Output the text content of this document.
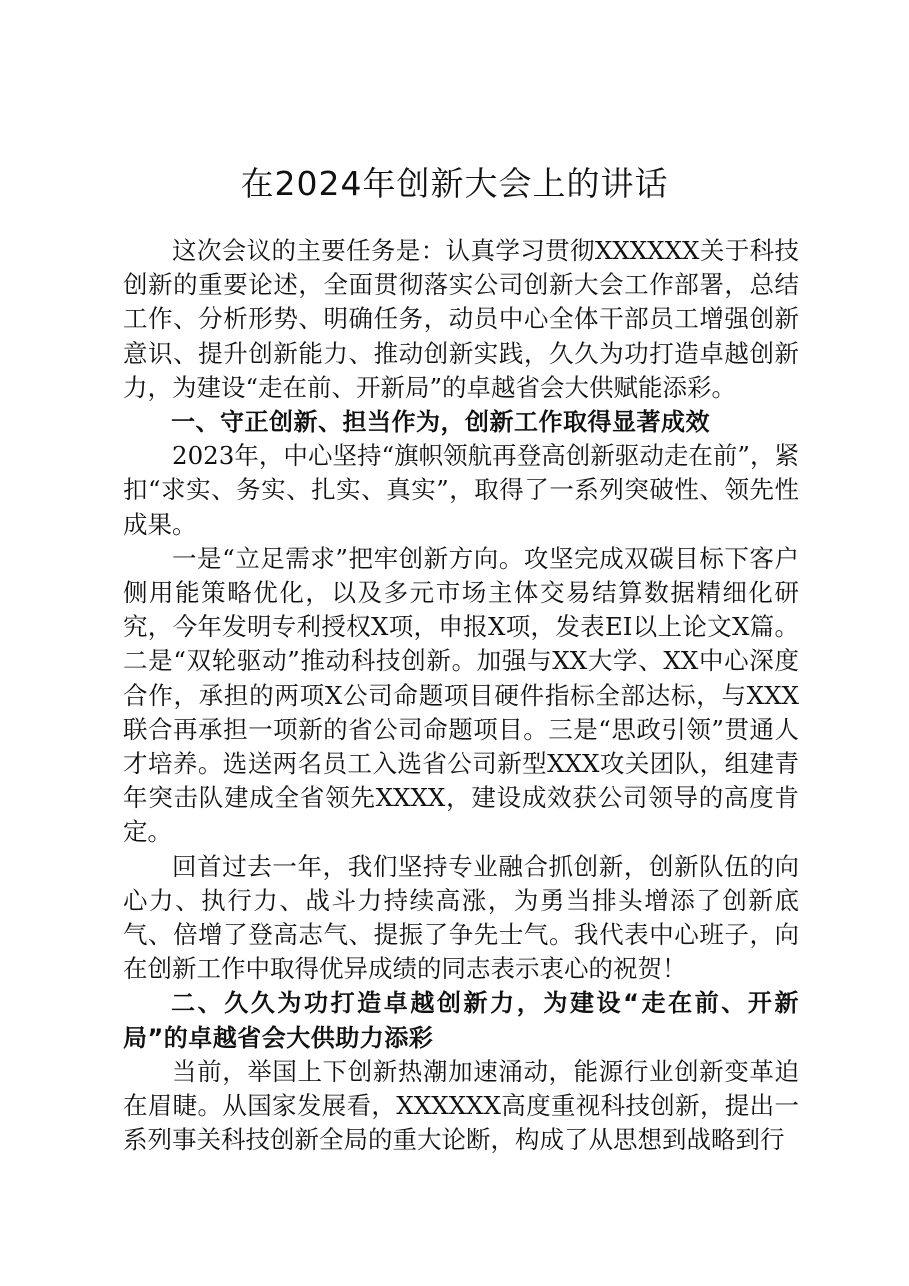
在2024年创新大会上的讲话

这次会议的主要任务是：认真学习贯彻XXXXXX关于科技创新的重要论述，全面贯彻落实公司创新大会工作部署，总结工作、分析形势、明确任务，动员中心全体干部员工增强创新意识、提升创新能力、推动创新实践，久久为功打造卓越创新力，为建设“走在前、开新局”的卓越省会大供赋能添彩。

一、守正创新、担当作为，创新工作取得显著成效

2023年，中心坚持“旗帜领航再登高创新驱动走在前”，紧扣“求实、务实、扎实、真实”，取得了一系列突破性、领先性成果。

一是“立足需求”把牢创新方向。攻坚完成双碳目标下客户侧用能策略优化，以及多元市场主体交易结算数据精细化研究，今年发明专利授权X项，申报X项，发表EI以上论文X篇。二是“双轮驱动”推动科技创新。加强与XX大学、XX中心深度合作，承担的两项X公司命题项目硬件指标全部达标，与XXX联合再承担一项新的省公司命题项目。三是“思政引领”贯通人才培养。选送两名员工入选省公司新型XXX攻关团队，组建青年突击队建成全省领先XXXX，建设成效获公司领导的高度肯定。

回首过去一年，我们坚持专业融合抓创新，创新队伍的向心力、执行力、战斗力持续高涨，为勇当排头增添了创新底气、倍增了登高志气、提振了争先士气。我代表中心班子，向在创新工作中取得优异成绩的同志表示衷心的祝贺！

二、久久为功打造卓越创新力，为建设“走在前、开新局”的卓越省会大供助力添彩

当前，举国上下创新热潮加速涌动，能源行业创新变革迫在眉睫。从国家发展看，XXXXXX高度重视科技创新，提出一系列事关科技创新全局的重大论断，构成了从思想到战略到行
